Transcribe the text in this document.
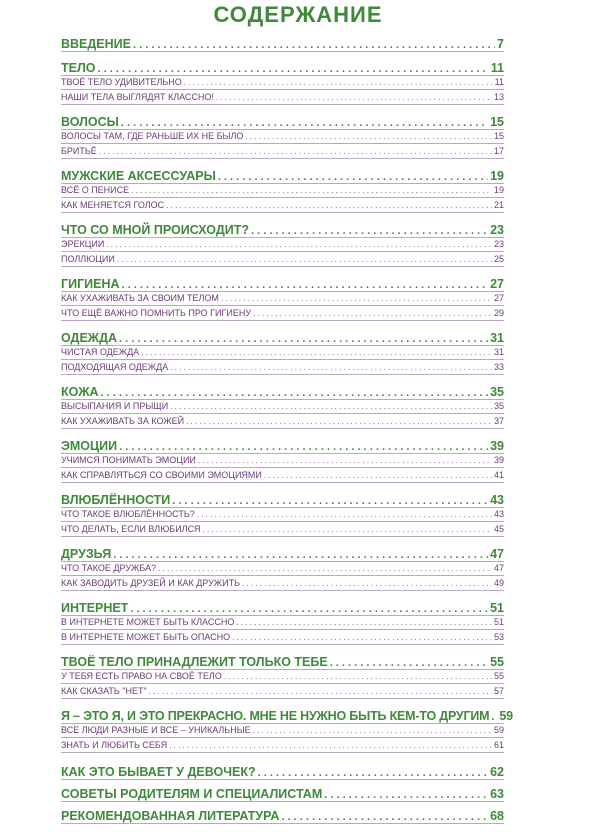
СОДЕРЖАНИЕ
ВВЕДЕНИЕ . . .	7
ТЕЛО . . .	11
ТВОЁ ТЕЛО УДИВИТЕЛЬНО . . .	11
НАШИ ТЕЛА ВЫГЛЯДЯТ КЛАССНО! . . .	13
ВОЛОСЫ . . .	15
ВОЛОСЫ ТАМ, ГДЕ РАНЬШЕ ИХ НЕ БЫЛО . . .	15
БРИТЬЁ . . .	17
МУЖСКИЕ АКСЕССУАРЫ . . .	19
ВСЁ О ПЕНИСЕ . . .	19
КАК МЕНЯЕТСЯ ГОЛОС . . .	21
ЧТО СО МНОЙ ПРОИСХОДИТ? . . .	23
ЭРЕКЦИИ . . .	23
ПОЛЛЮЦИИ . . .	25
ГИГИЕНА . . .	27
КАК УХАЖИВАТЬ ЗА СВОИМ ТЕЛОМ . . .	27
ЧТО ЕЩЁ ВАЖНО ПОМНИТЬ ПРО ГИГИЕНУ . . .	29
ОДЕЖДА . . .	31
ЧИСТАЯ ОДЕЖДА . . .	31
ПОДХОДЯЩАЯ ОДЕЖДА . . .	33
КОЖА . . .	35
ВЫСЫПАНИЯ И ПРЫЩИ . . .	35
КАК УХАЖИВАТЬ ЗА КОЖЕЙ . . .	37
ЭМОЦИИ . . .	39
УЧИМСЯ ПОНИМАТЬ ЭМОЦИИ . . .	39
КАК СПРАВЛЯТЬСЯ СО СВОИМИ ЭМОЦИЯМИ . . .	41
ВЛЮБЛЁННОСТИ . . .	43
ЧТО ТАКОЕ ВЛЮБЛЁННОСТЬ? . . .	43
ЧТО ДЕЛАТЬ, ЕСЛИ ВЛЮБИЛСЯ . . .	45
ДРУЗЬЯ . . .	47
ЧТО ТАКОЕ ДРУЖБА? . . .	47
КАК ЗАВОДИТЬ ДРУЗЕЙ И КАК ДРУЖИТЬ . . .	49
ИНТЕРНЕТ . . .	51
В ИНТЕРНЕТЕ МОЖЕТ БЫТЬ КЛАССНО . . .	51
В ИНТЕРНЕТЕ МОЖЕТ БЫТЬ ОПАСНО . . .	53
ТВОЁ ТЕЛО ПРИНАДЛЕЖИТ ТОЛЬКО ТЕБЕ . . .	55
У ТЕБЯ ЕСТЬ ПРАВО НА СВОЁ ТЕЛО . . .	55
КАК СКАЗАТЬ "НЕТ" . . .	57
Я – ЭТО Я, И ЭТО ПРЕКРАСНО. МНЕ НЕ НУЖНО БЫТЬ КЕМ-ТО ДРУГИМ . . . 59
ВСЕ ЛЮДИ РАЗНЫЕ И ВСЕ – УНИКАЛЬНЫЕ . . .	59
ЗНАТЬ И ЛЮБИТЬ СЕБЯ . . .	61
КАК ЭТО БЫВАЕТ У ДЕВОЧЕК? . . .	62
СОВЕТЫ РОДИТЕЛЯМ И СПЕЦИАЛИСТАМ . . .	63
РЕКОМЕНДОВАННАЯ ЛИТЕРАТУРА . . .	68
